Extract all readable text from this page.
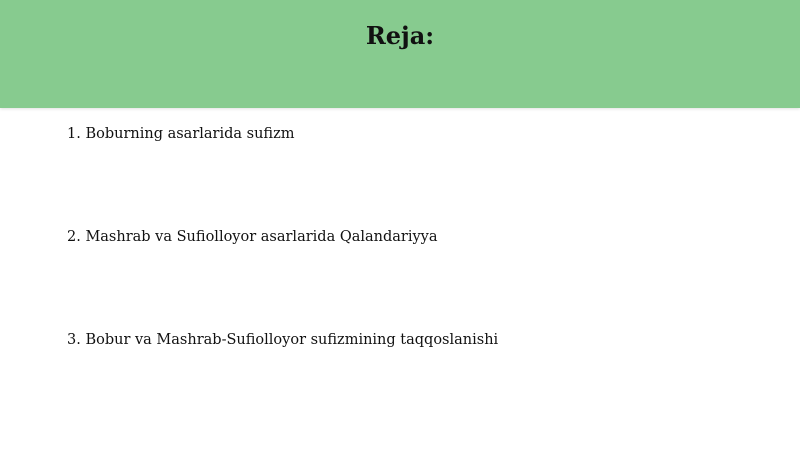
Reja:
1. Boburning asarlarida sufizm
2. Mashrab va Sufiolloyor asarlarida Qalandariyya
3. Bobur va Mashrab-Sufiolloyor sufizmining taqqoslanishi
